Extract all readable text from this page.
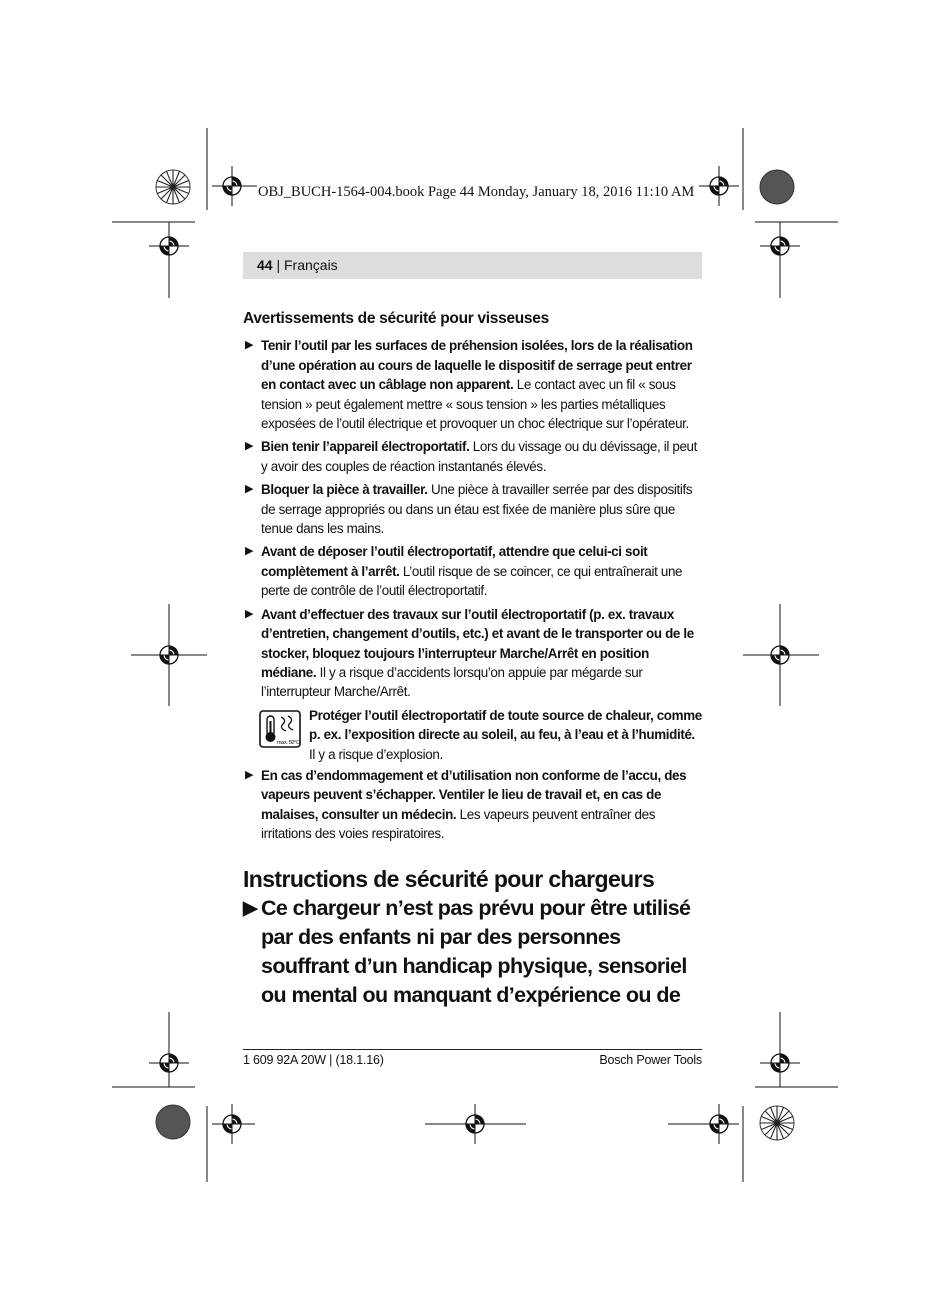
OBJ_BUCH-1564-004.book Page 44 Monday, January 18, 2016 11:10 AM
44 | Français

Avertissements de sécurité pour visseuses

▶ Tenir l’outil par les surfaces de préhension isolées, lors de la réalisation d’une opération au cours de laquelle le dispositif de serrage peut entrer en contact avec un câblage non apparent. Le contact avec un fil « sous tension » peut également mettre « sous tension » les parties métalliques exposées de l’outil électrique et provoquer un choc électrique sur l’opérateur.

▶ Bien tenir l’appareil électroportatif. Lors du vissage ou du dévissage, il peut y avoir des couples de réaction instantanés élevés.

▶ Bloquer la pièce à travailler. Une pièce à travailler serrée par des dispositifs de serrage appropriés ou dans un étau est fixée de manière plus sûre que tenue dans les mains.

▶ Avant de déposer l’outil électroportatif, attendre que celui-ci soit complètement à l’arrêt. L’outil risque de se coincer, ce qui entraînerait une perte de contrôle de l’outil électroportatif.

▶ Avant d’effectuer des travaux sur l’outil électroportatif (p. ex. travaux d’entretien, changement d’outils, etc.) et avant de le transporter ou de le stocker, bloquez toujours l’interrupteur Marche/Arrêt en position médiane. Il y a risque d’accidents lorsqu’on appuie par mégarde sur l’interrupteur Marche/Arrêt.

max. 50°C
Protéger l’outil électroportatif de toute source de chaleur, comme p. ex. l’exposition directe au soleil, au feu, à l’eau et à l’humidité. Il y a risque d’explosion.

▶ En cas d’endommagement et d’utilisation non conforme de l’accu, des vapeurs peuvent s’échapper. Ventiler le lieu de travail et, en cas de malaises, consulter un médecin. Les vapeurs peuvent entraîner des irritations des voies respiratoires.

Instructions de sécurité pour chargeurs

▶ Ce chargeur n’est pas prévu pour être utilisé par des enfants ni par des personnes souffrant d’un handicap physique, sensoriel ou mental ou manquant d’expérience ou de

1 609 92A 20W | (18.1.16)	Bosch Power Tools
